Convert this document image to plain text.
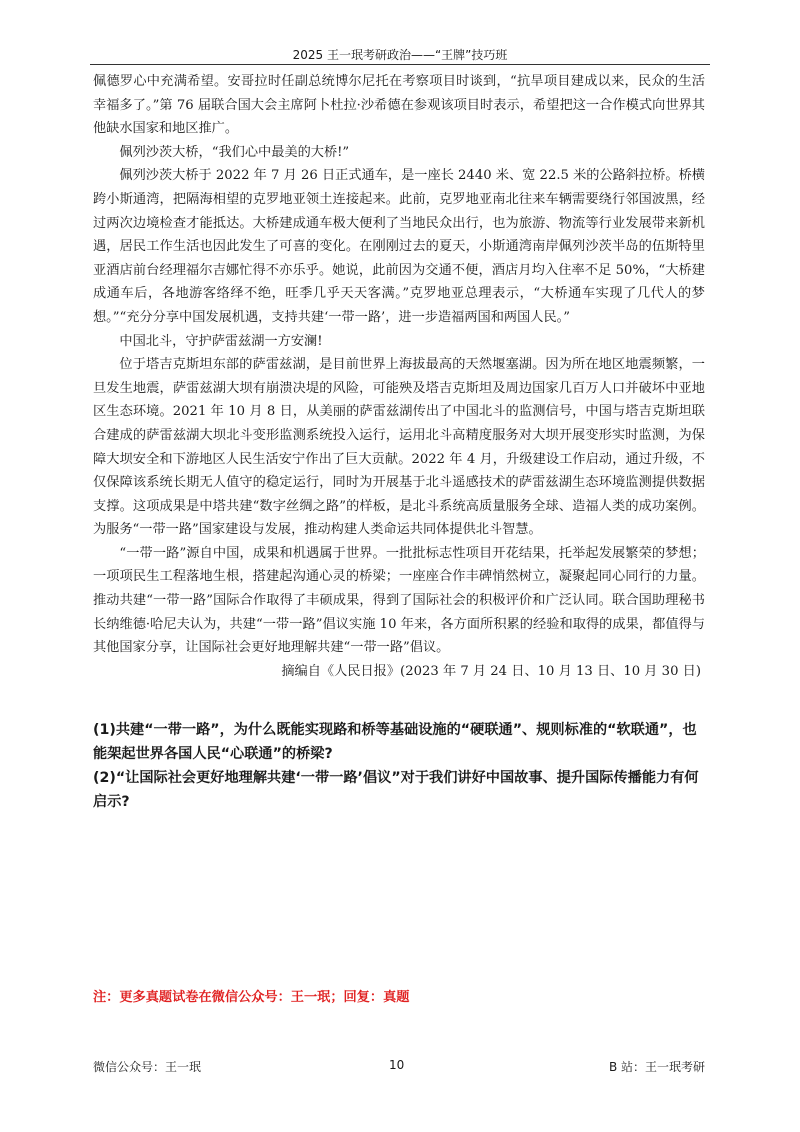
2025 王一珉考研政治——“王牌”技巧班

佩德罗心中充满希望。安哥拉时任副总统博尔尼托在考察项目时谈到，“抗旱项目建成以来，民众的生活幸福多了。”第 76 届联合国大会主席阿卜杜拉·沙希德在参观该项目时表示，希望把这一合作模式向世界其他缺水国家和地区推广。

佩列沙茨大桥，“我们心中最美的大桥!”

佩列沙茨大桥于 2022 年 7 月 26 日正式通车，是一座长 2440 米、宽 22.5 米的公路斜拉桥。桥横跨小斯通湾，把隔海相望的克罗地亚领土连接起来。此前，克罗地亚南北往来车辆需要绕行邻国波黑，经过两次边境检查才能抵达。大桥建成通车极大便利了当地民众出行，也为旅游、物流等行业发展带来新机遇，居民工作生活也因此发生了可喜的变化。在刚刚过去的夏天，小斯通湾南岸佩列沙茨半岛的伍斯特里亚酒店前台经理福尔吉娜忙得不亦乐乎。她说，此前因为交通不便，酒店月均入住率不足 50%，“大桥建成通车后，各地游客络绎不绝，旺季几乎天天客满。”克罗地亚总理表示，“大桥通车实现了几代人的梦想。”“充分分享中国发展机遇，支持共建‘一带一路’，进一步造福两国和两国人民。”

中国北斗，守护萨雷兹湖一方安澜!

位于塔吉克斯坦东部的萨雷兹湖，是目前世界上海拔最高的天然堰塞湖。因为所在地区地震频繁，一旦发生地震，萨雷兹湖大坝有崩溃决堤的风险，可能殃及塔吉克斯坦及周边国家几百万人口并破坏中亚地区生态环境。2021 年 10 月 8 日，从美丽的萨雷兹湖传出了中国北斗的监测信号，中国与塔吉克斯坦联合建成的萨雷兹湖大坝北斗变形监测系统投入运行，运用北斗高精度服务对大坝开展变形实时监测，为保障大坝安全和下游地区人民生活安宁作出了巨大贡献。2022 年 4 月，升级建设工作启动，通过升级，不仅保障该系统长期无人值守的稳定运行，同时为开展基于北斗遥感技术的萨雷兹湖生态环境监测提供数据支撑。这项成果是中塔共建“数字丝绸之路”的样板，是北斗系统高质量服务全球、造福人类的成功案例。为服务“一带一路”国家建设与发展，推动构建人类命运共同体提供北斗智慧。

“一带一路”源自中国，成果和机遇属于世界。一批批标志性项目开花结果，托举起发展繁荣的梦想；一项项民生工程落地生根，搭建起沟通心灵的桥梁；一座座合作丰碑悄然树立，凝聚起同心同行的力量。推动共建“一带一路”国际合作取得了丰硕成果，得到了国际社会的积极评价和广泛认同。联合国助理秘书长纳维德·哈尼夫认为，共建“一带一路”倡议实施 10 年来，各方面所积累的经验和取得的成果，都值得与其他国家分享，让国际社会更好地理解共建“一带一路”倡议。

摘编自《人民日报》(2023 年 7 月 24 日、10 月 13 日、10 月 30 日)

(1)共建“一带一路”，为什么既能实现路和桥等基础设施的“硬联通”、规则标准的“软联通”，也能架起世界各国人民“心联通”的桥梁?

(2)“让国际社会更好地理解共建‘一带一路’倡议”对于我们讲好中国故事、提升国际传播能力有何启示?

注：更多真题试卷在微信公众号：王一珉；回复：真题
微信公众号：王一珉	10	B 站：王一珉考研
